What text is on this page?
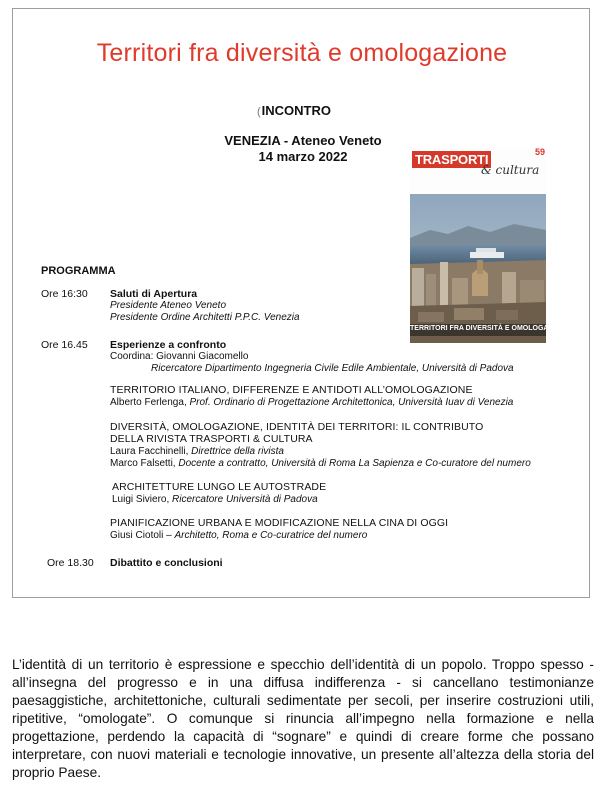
Territori fra diversità e omologazione
(INCONTRO
VENEZIA - Ateneo Veneto
14 marzo 2022	59
TRASPORTI
& cultura
TERRITORI FRA DIVERSITÀ E OMOLOGAZIONE
PROGRAMMA
Ore 16:30 Saluti di Apertura
Presidente Ateneo Veneto
Presidente Ordine Architetti P.P.C. Venezia
Ore 16.45 Esperienze a confronto
Coordina: Giovanni Giacomello
Ricercatore Dipartimento Ingegneria Civile Edile Ambientale, Università di Padova
TERRITORIO ITALIANO, DIFFERENZE E ANTIDOTI ALL’OMOLOGAZIONE
Alberto Ferlenga, Prof. Ordinario di Progettazione Architettonica, Università Iuav di Venezia
DIVERSITÀ, OMOLOGAZIONE, IDENTITÀ DEI TERRITORI: IL CONTRIBUTO
DELLA RIVISTA TRASPORTI & CULTURA
Laura Facchinelli, Direttrice della rivista
Marco Falsetti, Docente a contratto, Università di Roma La Sapienza e Co-curatore del numero
ARCHITETTURE LUNGO LE AUTOSTRADE
Luigi Siviero, Ricercatore Università di Padova
PIANIFICAZIONE URBANA E MODIFICAZIONE NELLA CINA DI OGGI
Giusi Ciotoli – Architetto, Roma e Co-curatrice del numero
Ore 18.30 Dibattito e conclusioni
L’identità di un territorio è espressione e specchio dell’identità di un popolo. Troppo spesso - all’insegna del progresso e in una diffusa indifferenza - si cancellano testimonianze paesaggistiche, architettoniche, culturali sedimentate per secoli, per inserire costruzioni utili, ripetitive, “omologate”. O comunque si rinuncia all’impegno nella formazione e nella progettazione, perdendo la capacità di “sognare” e quindi di creare forme che possano interpretare, con nuovi materiali e tecnologie innovative, un presente all’altezza della storia del proprio Paese.
